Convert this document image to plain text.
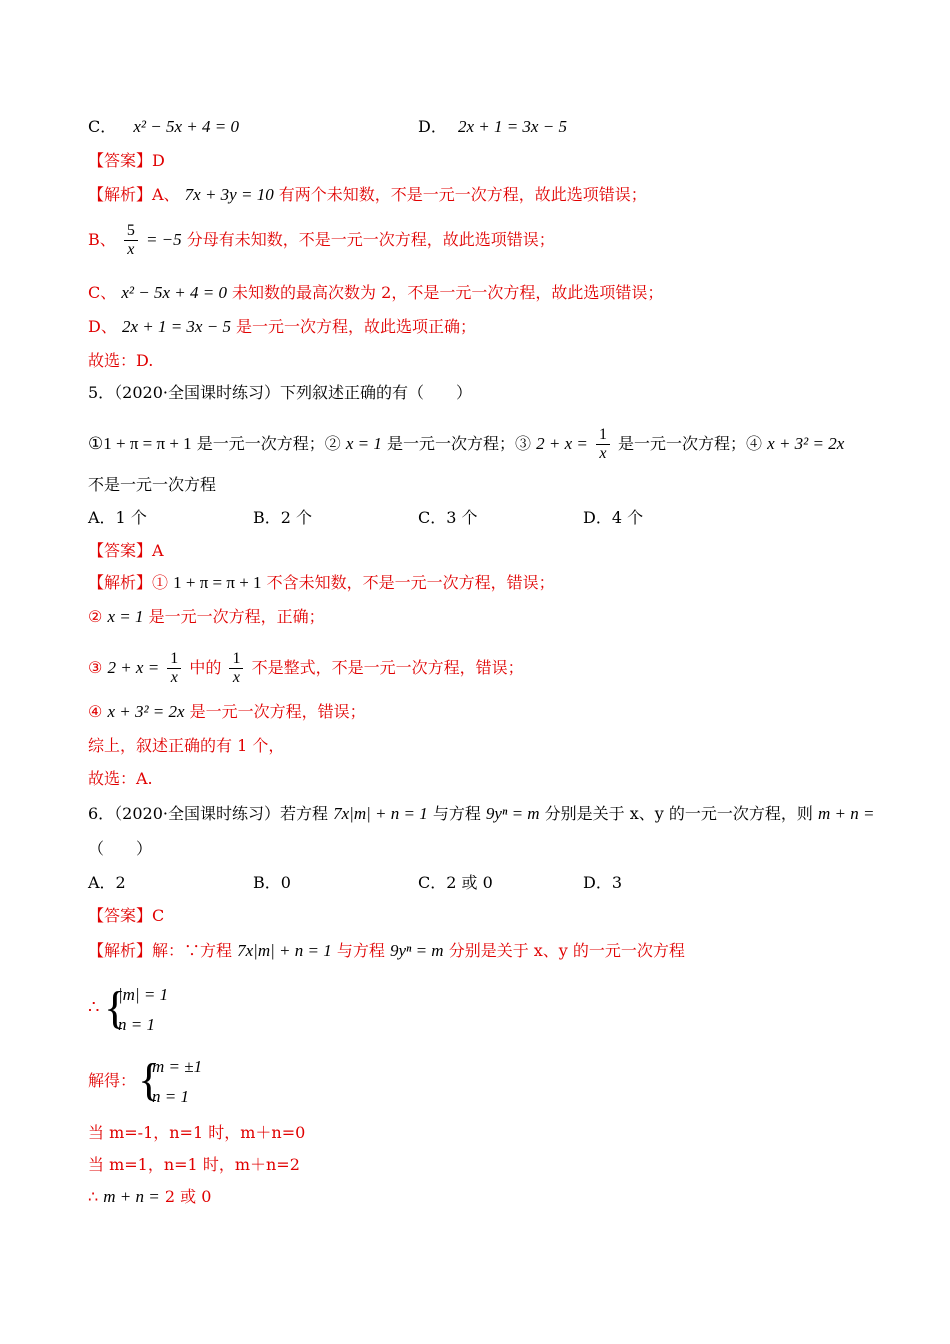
C． x² − 5x + 4 = 0	D． 2x + 1 = 3x − 5
【答案】D
【解析】A、 7x + 3y = 10 有两个未知数，不是一元一次方程，故此选项错误；
B、 $\frac{5}{x} = -5$ 分母有未知数，不是一元一次方程，故此选项错误；
C、 x² − 5x + 4 = 0 未知数的最高次数为 2，不是一元一次方程，故此选项错误；
D、 2x + 1 = 3x − 5 是一元一次方程，故此选项正确；
故选：D.
5．（2020·全国课时练习）下列叙述正确的有（　　）
①1 + π = π + 1 是一元一次方程；② x = 1 是一元一次方程；③ $2 + x = \frac{1}{x}$ 是一元一次方程；④ x + 3² = 2x
不是一元一次方程
A．1 个	B．2 个	C．3 个	D．4 个
【答案】A
【解析】① 1 + π = π + 1 不含未知数，不是一元一次方程，错误；
② x = 1 是一元一次方程，正确；
③ $2 + x = \frac{1}{x}$ 中的 $\frac{1}{x}$ 不是整式，不是一元一次方程，错误；
④ x + 3² = 2x 是一元一次方程，错误；
综上，叙述正确的有 1 个，
故选：A.
6．（2020·全国课时练习）若方程 7x|m| + n = 1 与方程 9yⁿ = m 分别是关于 x、y 的一元一次方程，则 m + n =
（　　）
A．2	B．0	C．2 或 0	D．3
【答案】C
【解析】解：∵方程 7x|m| + n = 1 与方程 9yⁿ = m 分别是关于 x、y 的一元一次方程
∴ {
|m| = 1
n = 1
解得： {
m = ±1
n = 1
当 m=-1，n=1 时，m＋n=0
当 m=1，n=1 时，m＋n=2
∴ m + n = 2 或 0
